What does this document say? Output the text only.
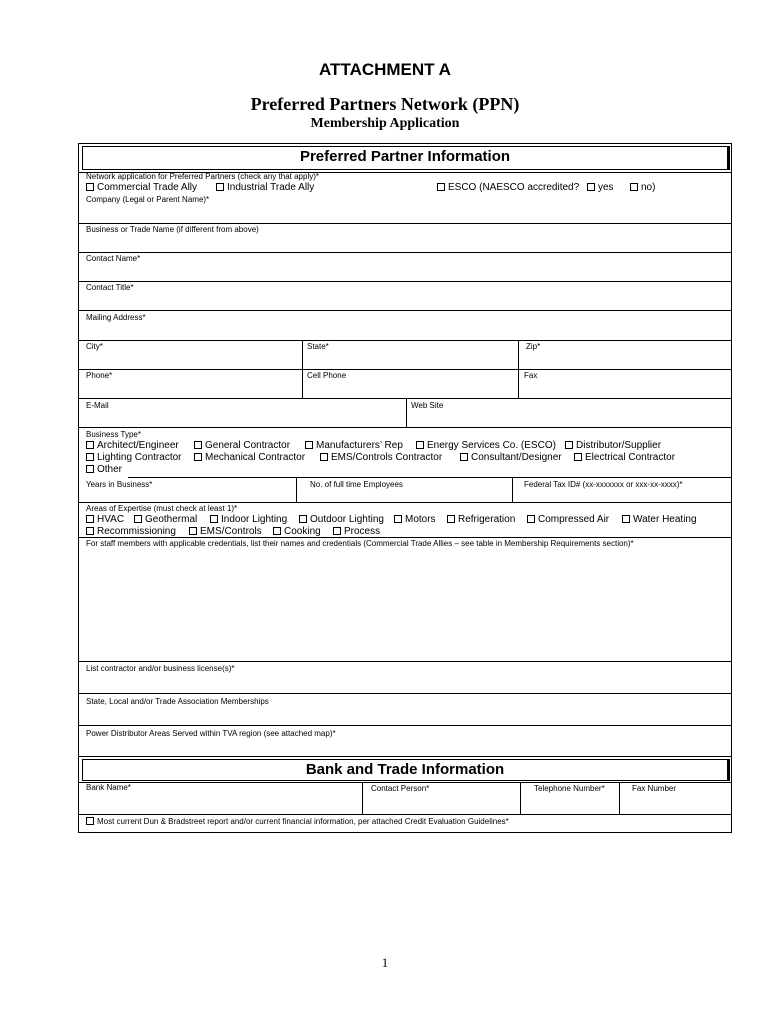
ATTACHMENT A
Preferred Partners Network (PPN)
Membership Application
Preferred Partner Information
Network application for Preferred Partners (check any that apply)*
Commercial Trade Ally	Industrial Trade Ally	ESCO (NAESCO accredited?	yes	no)
Company (Legal or Parent Name)*
Business or Trade Name (if different from above)
Contact Name*
Contact Title*
Mailing Address*
City*	State*	Zip*
Phone*	Cell Phone	Fax
E-Mail	Web Site
Business Type*
Architect/Engineer	General Contractor	Manufacturers’ Rep	Energy Services Co. (ESCO)	Distributor/Supplier
Lighting Contractor	Mechanical Contractor	EMS/Controls Contractor	Consultant/Designer	Electrical Contractor
Other
Years in Business*	No. of full time Employees	Federal Tax ID# (xx-xxxxxxx or xxx-xx-xxxx)*
Areas of Expertise (must check at least 1)*
HVAC	Geothermal	Indoor Lighting	Outdoor Lighting	Motors	Refrigeration	Compressed Air	Water Heating
Recommissioning	EMS/Controls	Cooking	Process
For staff members with applicable credentials, list their names and credentials (Commercial Trade Allies – see table in Membership Requirements section)*
List contractor and/or business license(s)*
State, Local and/or Trade Association Memberships
Power Distributor Areas Served within TVA region (see attached map)*
Bank and Trade Information
Bank Name*	Contact Person*	Telephone Number*	Fax Number
Most current Dun & Bradstreet report and/or current financial information, per attached Credit Evaluation Guidelines*
1
